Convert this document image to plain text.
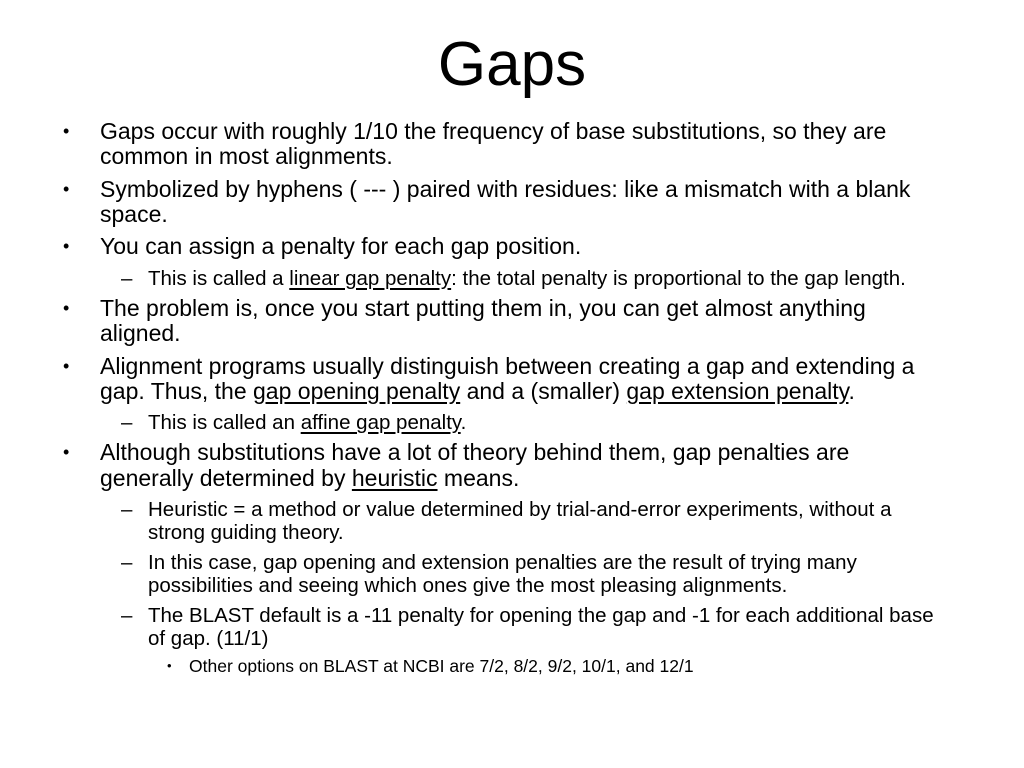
Gaps
•	Gaps occur with roughly 1/10 the frequency of base substitutions, so they are common in most alignments.
•	Symbolized by hyphens ( --- ) paired with residues: like a mismatch with a blank space.
•	You can assign a penalty for each gap position.
– This is called a linear gap penalty: the total penalty is proportional to the gap length.
•	The problem is, once you start putting them in, you can get almost anything aligned.
•	Alignment programs usually distinguish between creating a gap and extending a gap. Thus, the gap opening penalty and a (smaller) gap extension penalty.
– This is called an affine gap penalty.
•	Although substitutions have a lot of theory behind them, gap penalties are generally determined by heuristic means.
– Heuristic = a method or value determined by trial-and-error experiments, without a strong guiding theory.
– In this case, gap opening and extension penalties are the result of trying many possibilities and seeing which ones give the most pleasing alignments.
– The BLAST default is a -11 penalty for opening the gap and -1 for each additional base of gap. (11/1)
• Other options on BLAST at NCBI are 7/2, 8/2, 9/2, 10/1, and 12/1
